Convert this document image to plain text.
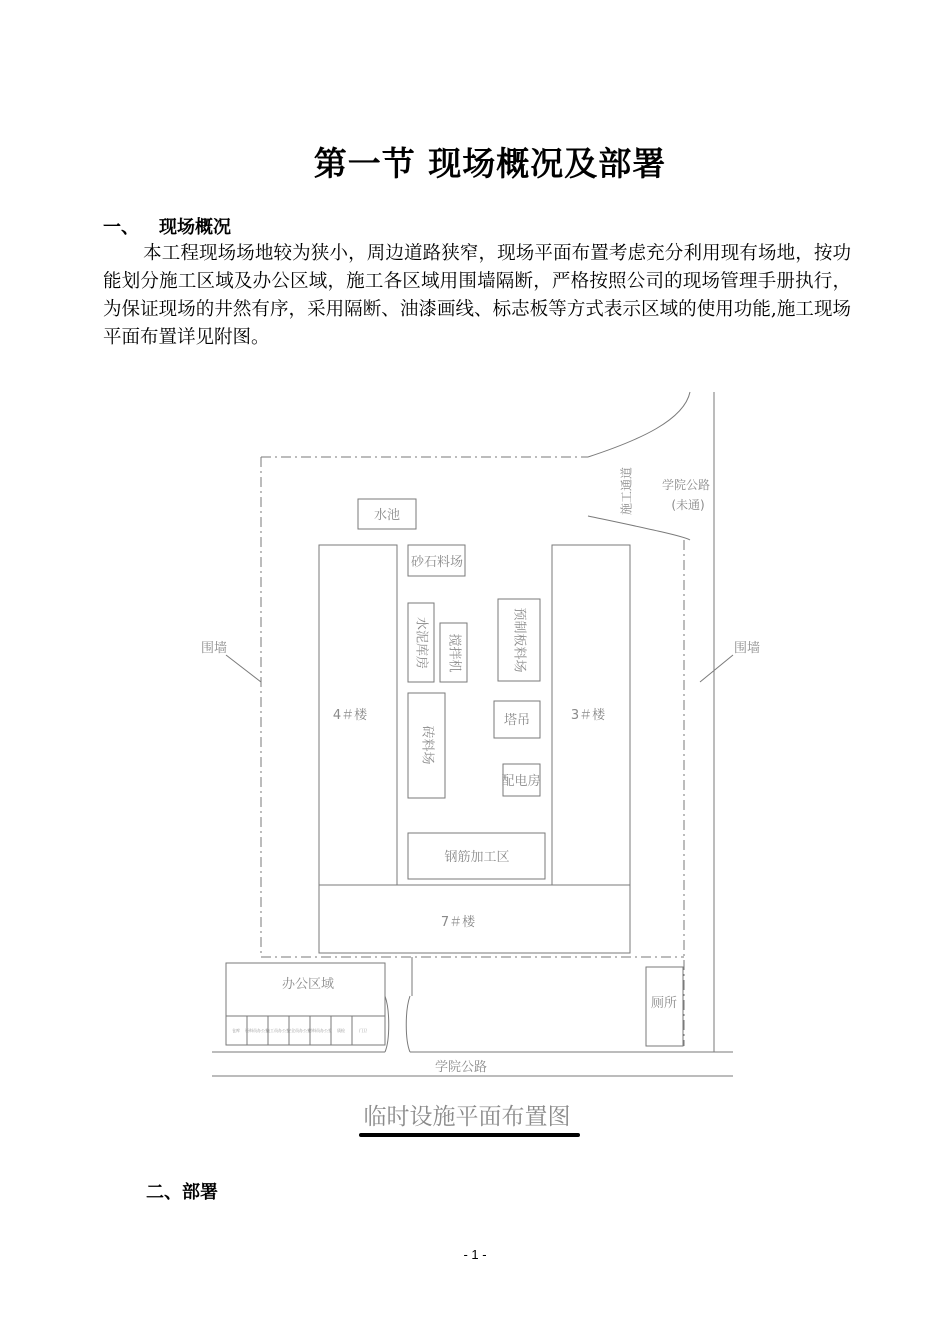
第一节 现场概况及部署
一、 现场概况
本工程现场场地较为狭小，周边道路狭窄，现场平面布置考虑充分利用现有场地，按功能划分施工区域及办公区域，施工各区域用围墙隔断，严格按照公司的现场管理手册执行，为保证现场的井然有序，采用隔断、油漆画线、标志板等方式表示区域的使用功能,施工现场平面布置详见附图。
水池
砂石料场
水泥库房 搅拌机	预制板料场
砖料场
塔吊
配电房
钢筋加工区
4＃楼	3＃楼
7＃楼
办公区域
厕所
围墙	围墙
学院公路
(未通)
施工通道
学院公路
仓库 资料员办公室
施工员办公室
安全员办公室
材料员办公室 质检	门卫
临时设施平面布置图
二、部署
- 1 -
